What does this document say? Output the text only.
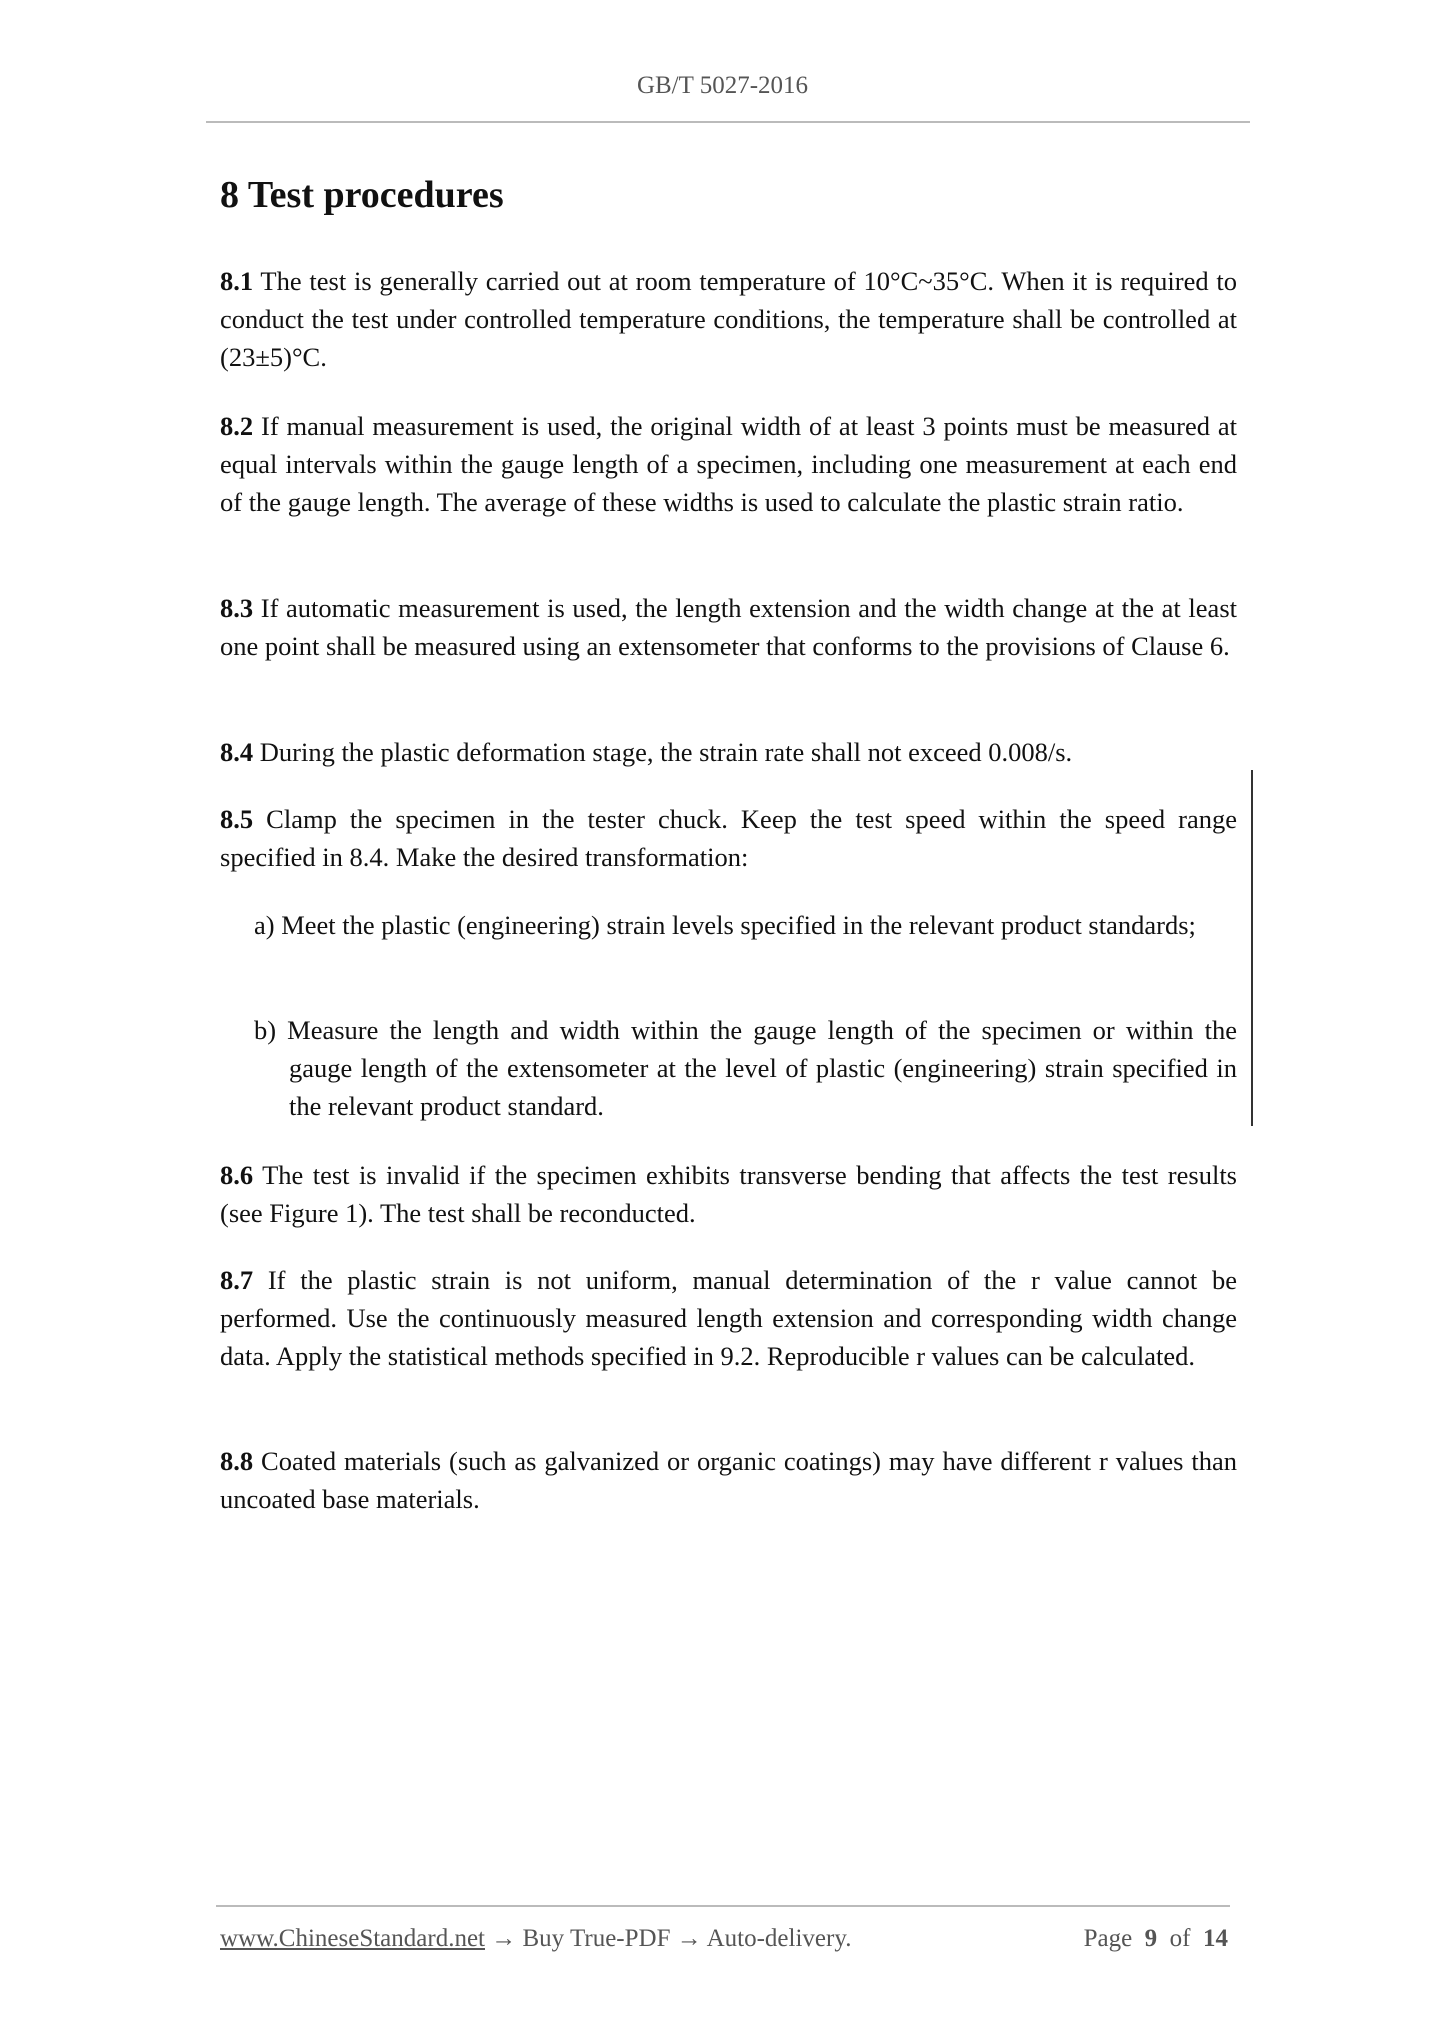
GB/T 5027-2016
8 Test procedures
8.1 The test is generally carried out at room temperature of 10°C~35°C. When it is required to conduct the test under controlled temperature conditions, the temperature shall be controlled at (23±5)°C.
8.2 If manual measurement is used, the original width of at least 3 points must be measured at equal intervals within the gauge length of a specimen, including one measurement at each end of the gauge length. The average of these widths is used to calculate the plastic strain ratio.
8.3 If automatic measurement is used, the length extension and the width change at the at least one point shall be measured using an extensometer that conforms to the provisions of Clause 6.
8.4 During the plastic deformation stage, the strain rate shall not exceed 0.008/s.
8.5 Clamp the specimen in the tester chuck. Keep the test speed within the speed range specified in 8.4. Make the desired transformation:
a) Meet the plastic (engineering) strain levels specified in the relevant product standards;
b) Measure the length and width within the gauge length of the specimen or within the gauge length of the extensometer at the level of plastic (engineering) strain specified in the relevant product standard.
8.6 The test is invalid if the specimen exhibits transverse bending that affects the test results (see Figure 1). The test shall be reconducted.
8.7 If the plastic strain is not uniform, manual determination of the r value cannot be performed. Use the continuously measured length extension and corresponding width change data. Apply the statistical methods specified in 9.2. Reproducible r values can be calculated.
8.8 Coated materials (such as galvanized or organic coatings) may have different r values than uncoated base materials.
www.ChineseStandard.net → Buy True-PDF → Auto-delivery.	Page 9 of 14
